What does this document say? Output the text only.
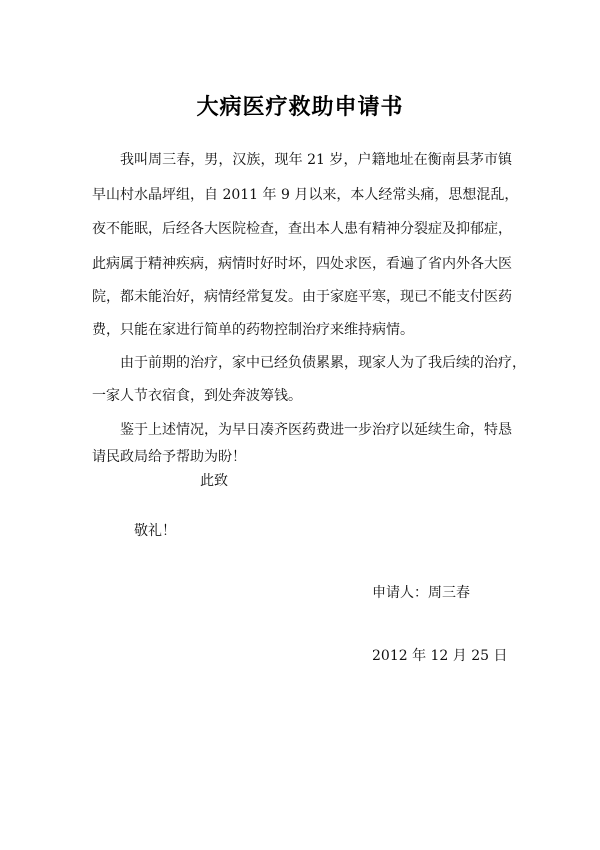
大病医疗救助申请书
我叫周三春，男，汉族，现年 21 岁，户籍地址在衡南县茅市镇
早山村水晶坪组，自 2011 年 9 月以来，本人经常头痛，思想混乱，
夜不能眠，后经各大医院检查，查出本人患有精神分裂症及抑郁症，
此病属于精神疾病，病情时好时坏，四处求医，看遍了省内外各大医
院，都未能治好，病情经常复发。由于家庭平寒，现已不能支付医药
费，只能在家进行简单的药物控制治疗来维持病情。
由于前期的治疗，家中已经负债累累，现家人为了我后续的治疗，
一家人节衣宿食，到处奔波筹钱。
鉴于上述情况，为早日凑齐医药费进一步治疗以延续生命，特恳
请民政局给予帮助为盼！
此致
敬礼！
申请人：周三春
2012 年 12 月 25 日
